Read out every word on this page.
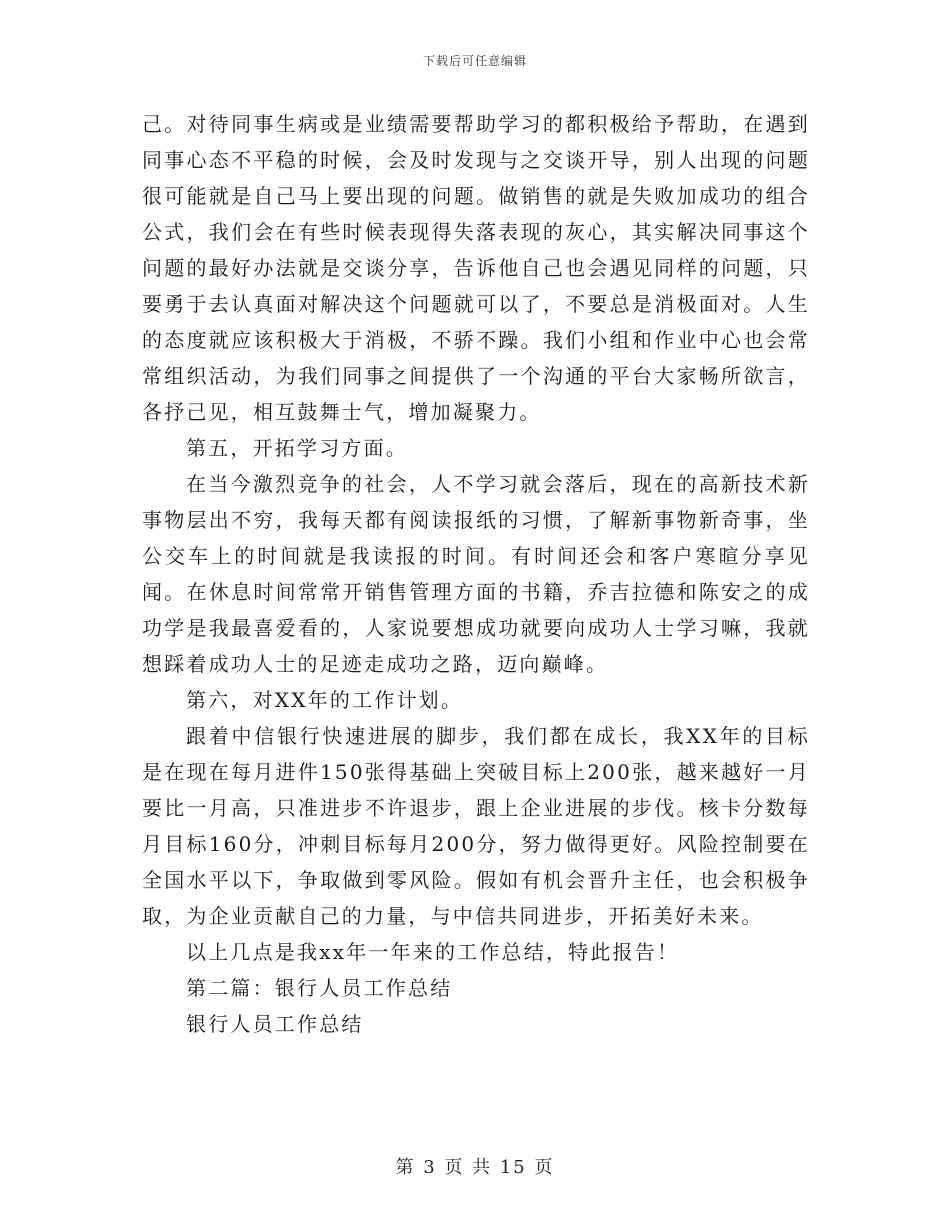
下载后可任意编辑

己。对待同事生病或是业绩需要帮助学习的都积极给予帮助，在遇到同事心态不平稳的时候，会及时发现与之交谈开导，别人出现的问题很可能就是自己马上要出现的问题。做销售的就是失败加成功的组合公式，我们会在有些时候表现得失落表现的灰心，其实解决同事这个问题的最好办法就是交谈分享，告诉他自己也会遇见同样的问题，只要勇于去认真面对解决这个问题就可以了，不要总是消极面对。人生的态度就应该积极大于消极，不骄不躁。我们小组和作业中心也会常常组织活动，为我们同事之间提供了一个沟通的平台大家畅所欲言，各抒己见，相互鼓舞士气，增加凝聚力。

第五，开拓学习方面。

在当今激烈竞争的社会，人不学习就会落后，现在的高新技术新事物层出不穷，我每天都有阅读报纸的习惯，了解新事物新奇事，坐公交车上的时间就是我读报的时间。有时间还会和客户寒暄分享见闻。在休息时间常常开销售管理方面的书籍，乔吉拉德和陈安之的成功学是我最喜爱看的，人家说要想成功就要向成功人士学习嘛，我就想踩着成功人士的足迹走成功之路，迈向巅峰。

第六，对XX年的工作计划。

跟着中信银行快速进展的脚步，我们都在成长，我XX年的目标是在现在每月进件150张得基础上突破目标上200张，越来越好一月要比一月高，只准进步不许退步，跟上企业进展的步伐。核卡分数每月目标160分，冲刺目标每月200分，努力做得更好。风险控制要在全国水平以下，争取做到零风险。假如有机会晋升主任，也会积极争取，为企业贡献自己的力量，与中信共同进步，开拓美好未来。

以上几点是我xx年一年来的工作总结，特此报告！

第二篇：银行人员工作总结

银行人员工作总结

第 3 页 共 15 页
